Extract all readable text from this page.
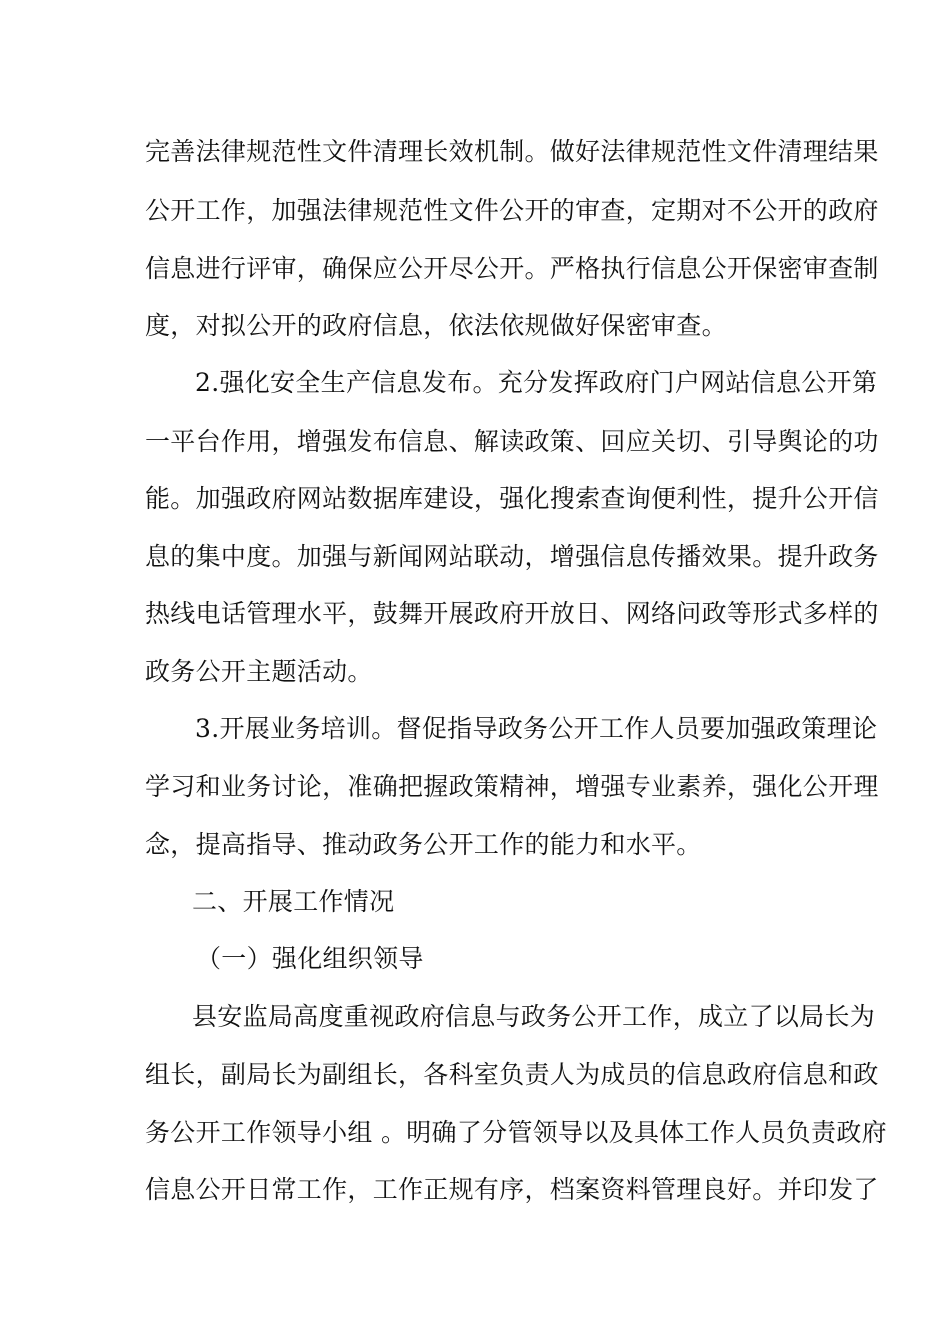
完善法律规范性文件清理长效机制。做好法律规范性文件清理结果
公开工作，加强法律规范性文件公开的审查，定期对不公开的政府
信息进行评审，确保应公开尽公开。严格执行信息公开保密审查制
度，对拟公开的政府信息，依法依规做好保密审查。
2.强化安全生产信息发布。充分发挥政府门户网站信息公开第
一平台作用，增强发布信息、解读政策、回应关切、引导舆论的功
能。加强政府网站数据库建设，强化搜索查询便利性，提升公开信
息的集中度。加强与新闻网站联动，增强信息传播效果。提升政务
热线电话管理水平，鼓舞开展政府开放日、网络问政等形式多样的
政务公开主题活动。
3.开展业务培训。督促指导政务公开工作人员要加强政策理论
学习和业务讨论，准确把握政策精神，增强专业素养，强化公开理
念，提高指导、推动政务公开工作的能力和水平。
二、开展工作情况
（一）强化组织领导
县安监局高度重视政府信息与政务公开工作，成立了以局长为
组长，副局长为副组长，各科室负责人为成员的信息政府信息和政
务公开工作领导小组 。明确了分管领导以及具体工作人员负责政府
信息公开日常工作，工作正规有序，档案资料管理良好。并印发了
